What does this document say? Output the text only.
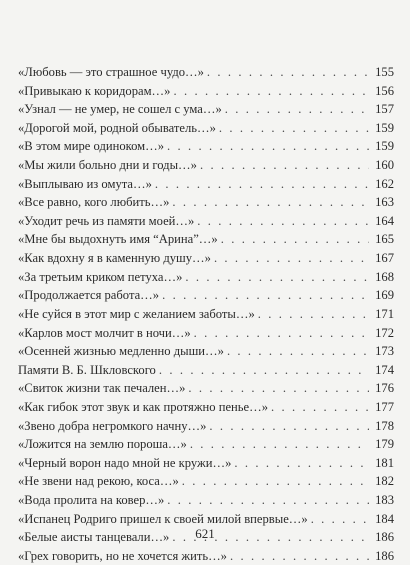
«Любовь — это страшное чудо…» . . .	155
«Привыкаю к коридорам…» . . .	156
«Узнал — не умер, не сошел с ума…» . . .	157
«Дорогой мой, родной обыватель…» . . .	159
«В этом мире одиноком…» . . .	159
«Мы жили больно дни и годы…» . . .	160
«Выплываю из омута…» . . .	162
«Все равно, кого любить…» . . .	163
«Уходит речь из памяти моей…» . . .	164
«Мне бы выдохнуть имя “Арина”…» . . .	165
«Как вдохну я в каменную душу…» . . .	167
«За третьим криком петуха…» . . .	168
«Продолжается работа…» . . .	169
«Не суйся в этот мир с желанием заботы…» . . .	171
«Карлов мост молчит в ночи…» . . .	172
«Осенней жизнью медленно дыши…» . . .	173
Памяти В. Б. Шкловского . . .	174
«Свиток жизни так печален…» . . .	176
«Как гибок этот звук и как протяжно пенье…» . . .	177
«Звено добра негромкого начну…» . . .	178
«Ложится на землю пороша…» . . .	179
«Черный ворон надо мной не кружи…» . . .	181
«Не звени над рекою, коса…» . . .	182
«Вода пролита на ковер…» . . .	183
«Испанец Родриго пришел к своей милой впервые…» . . .	184
«Белые аисты танцевали…» . . .	186
«Грех говорить, но не хочется жить…» . . .	186
621
